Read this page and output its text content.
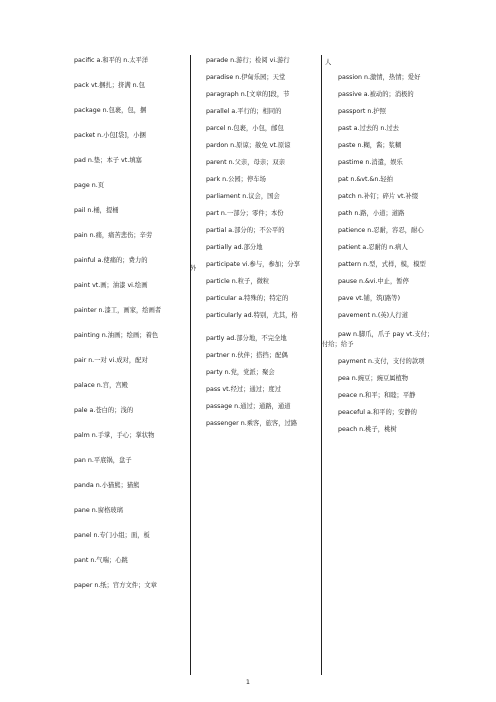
pacific a.和平的 n.太平洋

pack vt.捆扎；挤满 n.包

package n.包裹，包，捆

packet n.小包[袋]，小捆

pad n.垫；本子 vt.填塞

page n.页

pail n.桶，提桶

pain n.痛，痛苦悲伤；辛劳

painful a.使痛的；费力的

paint vt.画；油漆 vi.绘画

painter n.漆工，画家，绘画者

painting n.油画；绘画；着色

pair n.一对 vi.成对，配对

palace n.宫，宫殿

pale a.苍白的；浅的

palm n.手掌，手心；掌状物

pan n.平底锅，盘子

panda n.小猫熊；猫熊

pane n.窗格玻璃

panel n.专门小组；面，板

pant n.气喘；心跳

paper n.纸；官方文件；文章

parade n.游行；检阅 vi.游行

paradise n.伊甸乐园；天堂

paragraph n.[文章的]段，节

parallel a.平行的；相同的

parcel n.包裹，小包，邮包

pardon n.原谅；赦免 vt.原谅

parent n.父亲，母亲；双亲

park n.公园；停车场

parliament n.议会，国会

part n.一部分；零件；本份

partial a.部分的；不公平的

partially ad.部分地

participate vi.参与，参加；分享

particle n.粒子，微粒

particular a.特殊的；特定的

particularly ad.特别，尤其，格

partly ad.部分地，不完全地

partner n.伙伴；搭挡；配偶

party n.党，党派；聚会

pass vt.经过；通过；度过

passage n.通过；通路，通道

passenger n.乘客，旅客，过路

外
人

passion n.激情，热情；爱好

passive a.被动的；消极的

passport n.护照

past a.过去的 n.过去

paste n.糊，酱；浆糊

pastime n.消遣，娱乐

pat n.&vt.&n.轻拍

patch n.补钉；碎片 vt.补缀

path n.路，小道；道路

patience n.忍耐，容忍，耐心

patient a.忍耐的 n.病人

pattern n.型，式样，模，模型

pause n.&vi.中止，暂停

pave vt.铺，筑(路等)

pavement n.(英)人行道

paw n.脚爪，爪子 pay vt.支付；

付给；给予

payment n.支付，支付的款项

pea n.豌豆；豌豆属植物

peace n.和平；和睦；平静

peaceful a.和平的；安静的

peach n.桃子，桃树

1
